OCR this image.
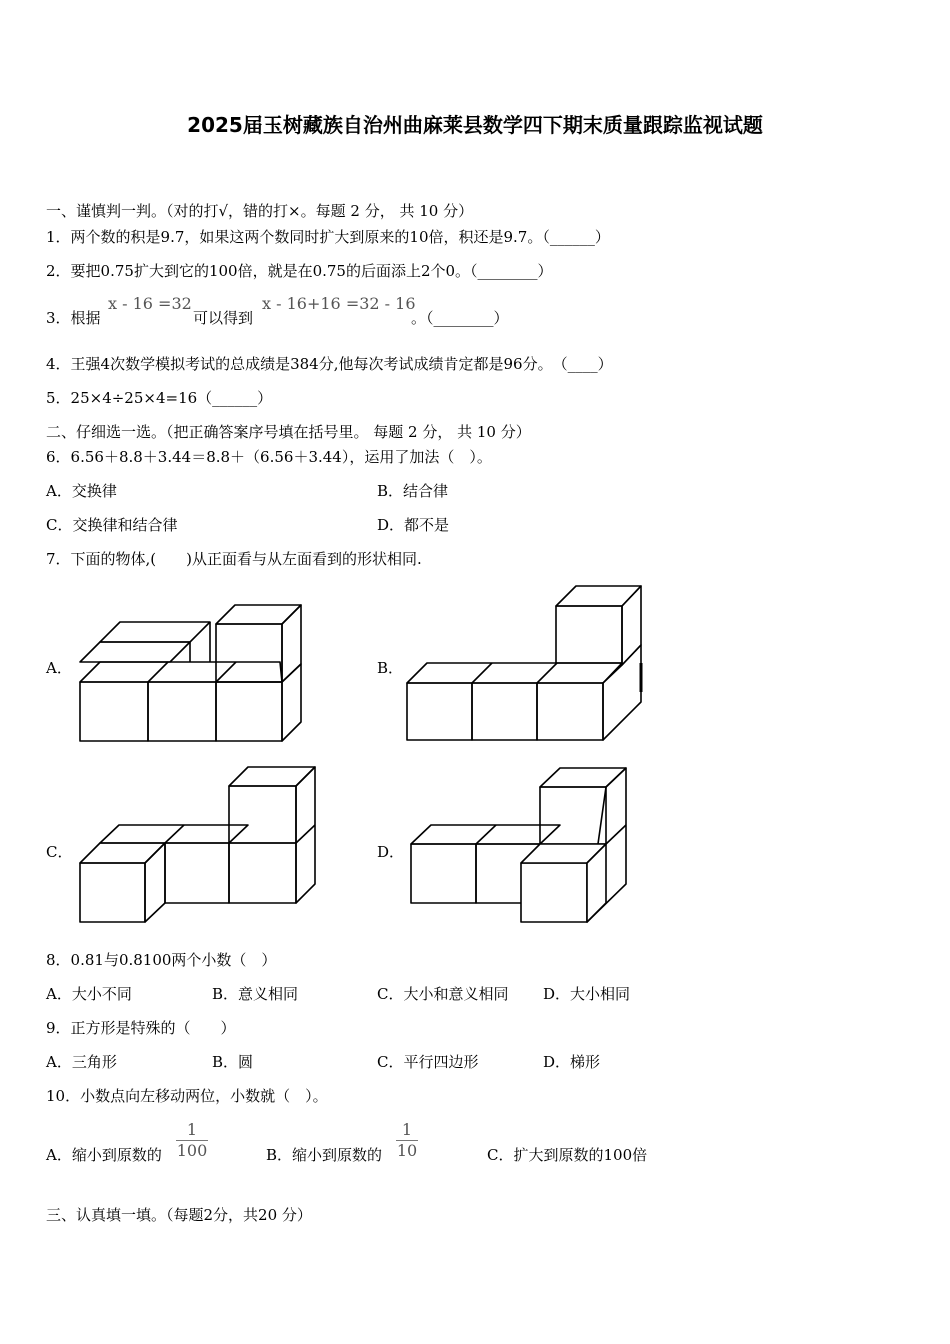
2025届玉树藏族自治州曲麻莱县数学四下期末质量跟踪监视试题
一、谨慎判一判。（对的打√，错的打×。每题 2 分， 共 10 分）
1．两个数的积是9.7，如果这两个数同时扩大到原来的10倍，积还是9.7。（______）
2．要把0.75扩大到它的100倍，就是在0.75的后面添上2个0。（________）
3．根据
x - 16 =32
可以得到
x - 16+16 =32 - 16
。（________）
4．王强4次数学模拟考试的总成绩是384分,他每次考试成绩肯定都是96分。　（____）
5．25×4÷25×4=16（______）
二、仔细选一选。（把正确答案序号填在括号里。 每题 2 分， 共 10 分）
6．6.56＋8.8＋3.44＝8.8＋（6.56＋3.44），运用了加法（　）。
A．交换律	B．结合律
C．交换律和结合律	D．都不是
7．下面的物体,(　　)从正面看与从左面看到的形状相同.
A．	B．
C．	D．
8．0.81与0.8100两个小数（　）
A．大小不同	B．意义相同	C．大小和意义相同 D．大小相同
9．正方形是特殊的（　　）
A．三角形	B．圆	C．平行四边形	D．梯形
10．小数点向左移动两位，小数就（　）。
A．缩小到原数的
1
100	B．缩小到原数的
1
10	C．扩大到原数的100倍
三、认真填一填。（每题2分，共20 分）
